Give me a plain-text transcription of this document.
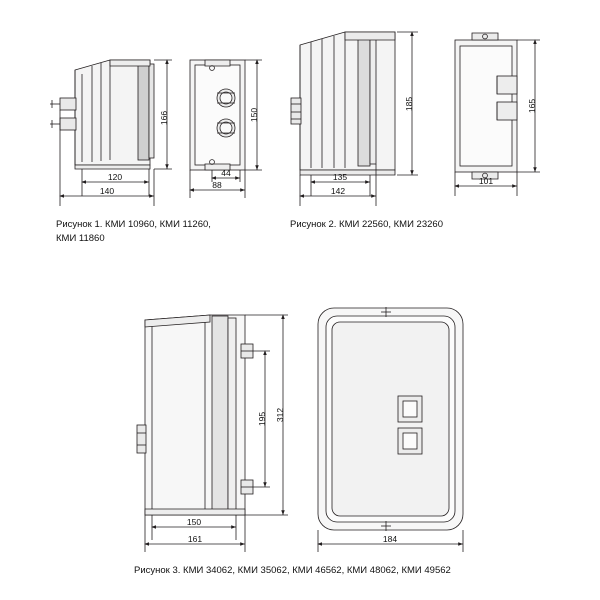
166
120
140
150
44
88
185
135
142
165
101
195 312
150
161	184
Рисунок 1. КМИ 10960, КМИ 11260,
КМИ 11860
Рисунок 2. КМИ 22560, КМИ 23260
Рисунок 3. КМИ 34062, КМИ 35062, КМИ 46562, КМИ 48062, КМИ 49562
